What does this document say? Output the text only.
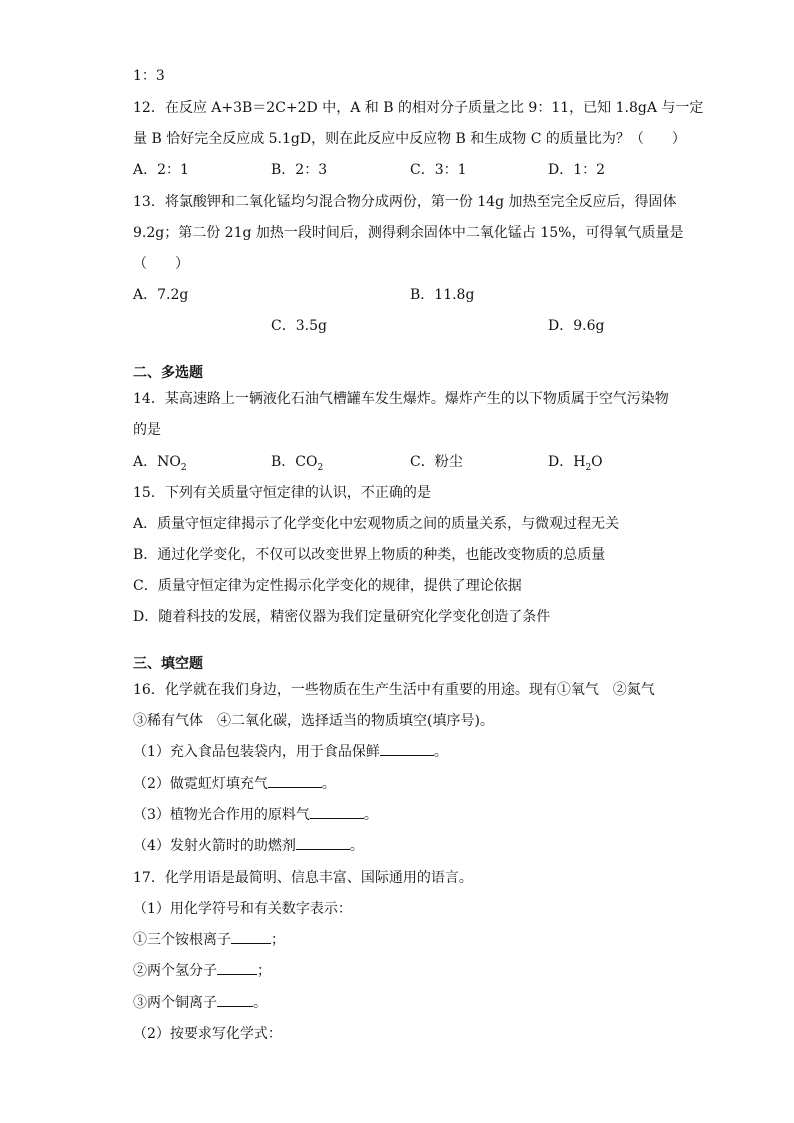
1：3
12．在反应 A+3B＝2C+2D 中，A 和 B 的相对分子质量之比 9：11，已知 1.8gA 与一定
量 B 恰好完全反应成 5.1gD，则在此反应中反应物 B 和生成物 C 的质量比为？（　　）
A．2：1	B．2：3	C．3：1	D．1：2
13．将氯酸钾和二氧化锰均匀混合物分成两份，第一份 14g 加热至完全反应后，得固体
9.2g；第二份 21g 加热一段时间后，测得剩余固体中二氧化锰占 15%，可得氧气质量是
（　　）
A．7.2g	B．11.8g
C．3.5g	D．9.6g
二、多选题
14．某高速路上一辆液化石油气槽罐车发生爆炸。爆炸产生的以下物质属于空气污染物
的是
A．$NO_2$	B．$CO_2$	C．粉尘	D．$H_2O$
15．下列有关质量守恒定律的认识，不正确的是
A．质量守恒定律揭示了化学变化中宏观物质之间的质量关系，与微观过程无关
B．通过化学变化，不仅可以改变世界上物质的种类，也能改变物质的总质量
C．质量守恒定律为定性揭示化学变化的规律，提供了理论依据
D．随着科技的发展，精密仪器为我们定量研究化学变化创造了条件
三、填空题
16．化学就在我们身边，一些物质在生产生活中有重要的用途。现有①氧气　②氮气
③稀有气体　④二氧化碳，选择适当的物质填空(填序号)。
（1）充入食品包装袋内，用于食品保鲜	。
（2）做霓虹灯填充气	。
（3）植物光合作用的原料气	。
（4）发射火箭时的助燃剂	。
17．化学用语是最简明、信息丰富、国际通用的语言。
（1）用化学符号和有关数字表示：
①三个铵根离子	；
②两个氢分子	；
③两个铜离子	。
（2）按要求写化学式：
